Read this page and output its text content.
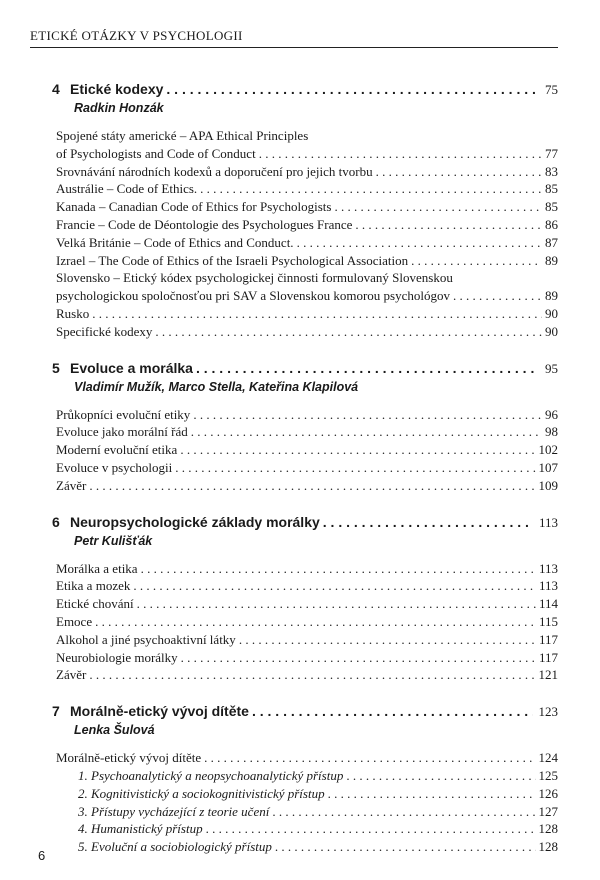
ETICKÉ OTÁZKY V PSYCHOLOGII
4 Etické kodexy . . .	75
Radkin Honzák
Spojené státy americké – APA Ethical Principles
of Psychologists and Code of Conduct . . .	77
Srovnávání národních kodexů a doporučení pro jejich tvorbu . . .	83
Austrálie – Code of Ethics. . . .	85
Kanada – Canadian Code of Ethics for Psychologists . . .	85
Francie – Code de Déontologie des Psychologues France . . .	86
Velká Británie – Code of Ethics and Conduct. . . .	87
Izrael – The Code of Ethics of the Israeli Psychological Association . . .	89
Slovensko – Etický kódex psychologickej činnosti formulovaný Slovenskou
psychologickou spoločnosťou pri SAV a Slovenskou komorou psychológov . . .	89
Rusko . . .	90
Specifické kodexy . . .	90
5 Evoluce a morálka . . .	95
Vladimír Mužík, Marco Stella, Kateřina Klapilová
Průkopníci evoluční etiky . . .	96
Evoluce jako morální řád . . .	98
Moderní evoluční etika . . .	102
Evoluce v psychologii . . .	107
Závěr . . .	109
6 Neuropsychologické základy morálky . . .	113
Petr Kulišťák
Morálka a etika . . .	113
Etika a mozek . . .	113
Etické chování . . .	114
Emoce . . .	115
Alkohol a jiné psychoaktivní látky . . .	117
Neurobiologie morálky . . .	117
Závěr . . .	121
7 Morálně-etický vývoj dítěte . . .	123
Lenka Šulová
Morálně-etický vývoj dítěte . . .	124
1. Psychoanalytický a neopsychoanalytický přístup . . .	125
2. Kognitivistický a sociokognitivistický přístup . . .	126
3. Přístupy vycházející z teorie učení . . .	127
4. Humanistický přístup . . .	128
5. Evoluční a sociobiologický přístup . . .	128
6
